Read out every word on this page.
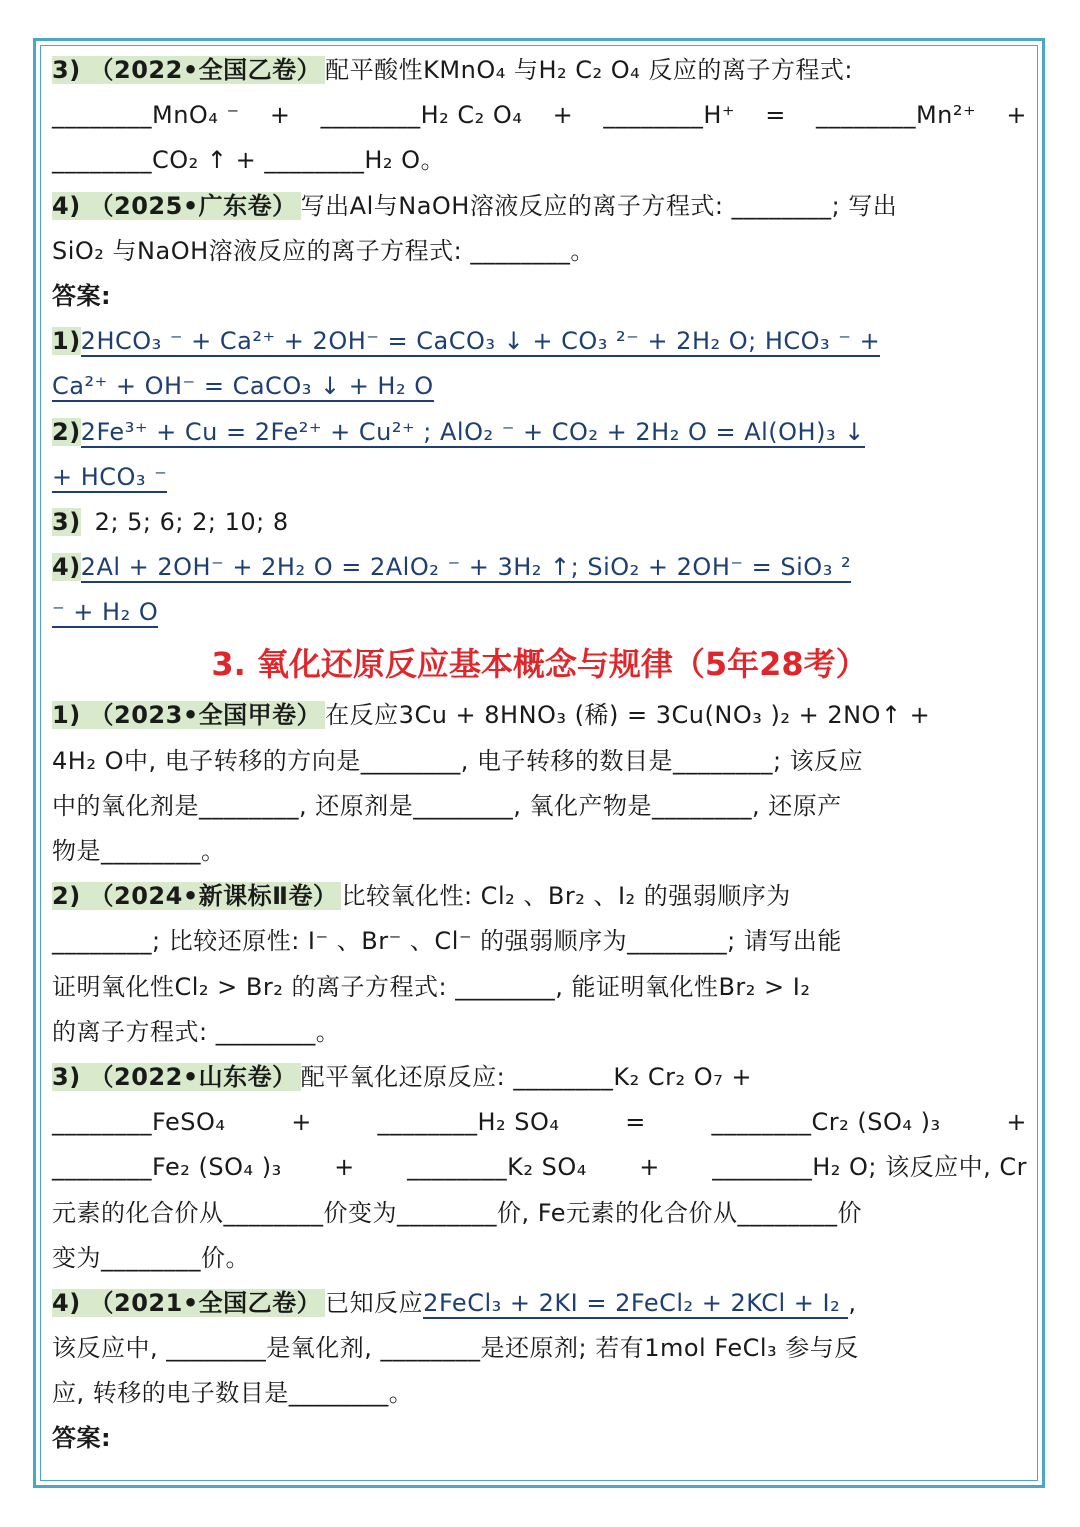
3) （2022•全国乙卷） 配平酸性KMnO₄ 与H₂ C₂ O₄ 反应的离子方程式:
________MnO₄ ⁻ + ________H₂ C₂ O₄ + ________H⁺ = ________Mn²⁺ +
________CO₂ ↑ + ________H₂ O。
4) （2025•广东卷） 写出Al与NaOH溶液反应的离子方程式: ________; 写出
SiO₂ 与NaOH溶液反应的离子方程式: ________。
答案:
1)2HCO₃ ⁻ + Ca²⁺ + 2OH⁻ = CaCO₃ ↓ + CO₃ ²⁻ + 2H₂ O; HCO₃ ⁻ +
Ca²⁺ + OH⁻ = CaCO₃ ↓ + H₂ O
2)2Fe³⁺ + Cu = 2Fe²⁺ + Cu²⁺ ; AlO₂ ⁻ + CO₂ + 2H₂ O = Al(OH)₃ ↓
+ HCO₃ ⁻
3) 2; 5; 6; 2; 10; 8
4)2Al + 2OH⁻ + 2H₂ O = 2AlO₂ ⁻ + 3H₂ ↑; SiO₂ + 2OH⁻ = SiO₃ ²
⁻ + H₂ O
3. 氧化还原反应基本概念与规律（5年28考）
1) （2023•全国甲卷） 在反应3Cu + 8HNO₃ (稀) = 3Cu(NO₃ )₂ + 2NO↑ +
4H₂ O中, 电子转移的方向是________, 电子转移的数目是________; 该反应
中的氧化剂是________, 还原剂是________, 氧化产物是________, 还原产
物是________。
2) （2024•新课标Ⅱ卷） 比较氧化性: Cl₂ 、Br₂ 、I₂ 的强弱顺序为
________; 比较还原性: I⁻ 、Br⁻ 、Cl⁻ 的强弱顺序为________; 请写出能
证明氧化性Cl₂ > Br₂ 的离子方程式: ________, 能证明氧化性Br₂ > I₂
的离子方程式: ________。
3) （2022•山东卷） 配平氧化还原反应: ________K₂ Cr₂ O₇ +
________FeSO₄	+	________H₂ SO₄	=	________Cr₂ (SO₄ )₃	+
________Fe₂ (SO₄ )₃ + ________K₂ SO₄ + ________H₂ O; 该反应中, Cr
元素的化合价从________价变为________价, Fe元素的化合价从________价
变为________价。
4) （2021•全国乙卷） 已知反应2FeCl₃ + 2KI = 2FeCl₂ + 2KCl + I₂ ,
该反应中, ________是氧化剂, ________是还原剂; 若有1mol FeCl₃ 参与反
应, 转移的电子数目是________。
答案:
